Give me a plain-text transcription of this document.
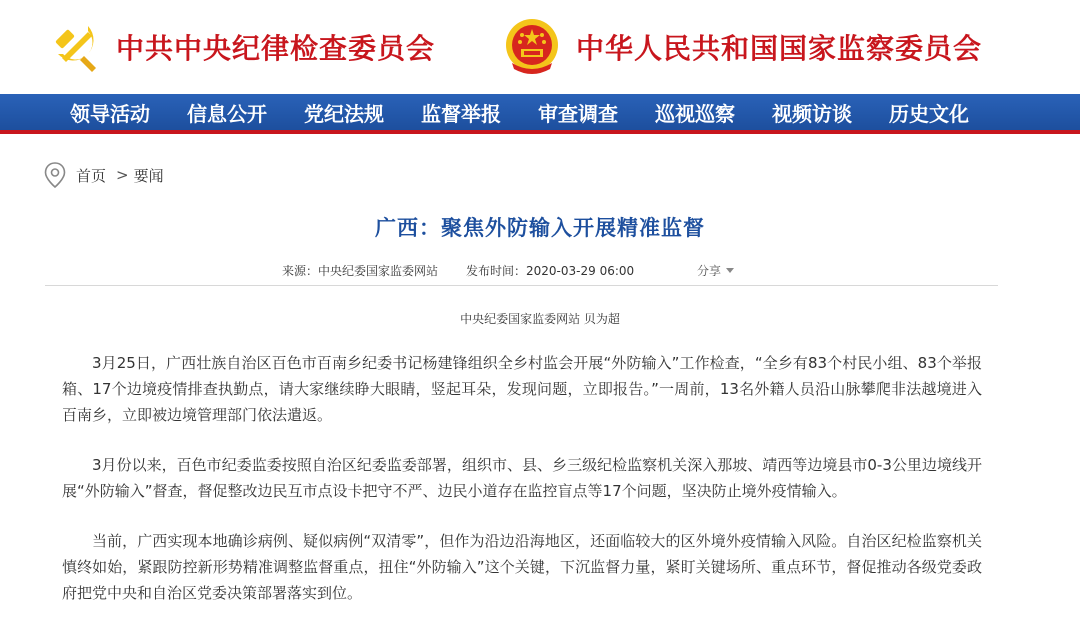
中共中央纪律检查委员会	中华人民共和国国家监察委员会
领导活动	信息公开	党纪法规	监督举报	审查调查	巡视巡察	视频访谈	历史文化
首页 > 要闻
广西：聚焦外防输入开展精准监督
来源：中央纪委国家监委网站 发布时间：2020-03-29 06:00	分享
中央纪委国家监委网站 贝为超

3月25日，广西壮族自治区百色市百南乡纪委书记杨建锋组织全乡村监会开展“外防输入”工作检查，“全乡有83个村民小组、83个举报箱、17个边境疫情排查执勤点，请大家继续睁大眼睛，竖起耳朵，发现问题，立即报告。”一周前，13名外籍人员沿山脉攀爬非法越境进入百南乡，立即被边境管理部门依法遣返。

3月份以来，百色市纪委监委按照自治区纪委监委部署，组织市、县、乡三级纪检监察机关深入那坡、靖西等边境县市0-3公里边境线开展“外防输入”督查，督促整改边民互市点设卡把守不严、边民小道存在监控盲点等17个问题，坚决防止境外疫情输入。

当前，广西实现本地确诊病例、疑似病例“双清零”，但作为沿边沿海地区，还面临较大的区外境外疫情输入风险。自治区纪检监察机关慎终如始，紧跟防控新形势精准调整监督重点，扭住“外防输入”这个关键，下沉监督力量，紧盯关键场所、重点环节，督促推动各级党委政府把党中央和自治区党委决策部署落实到位。
